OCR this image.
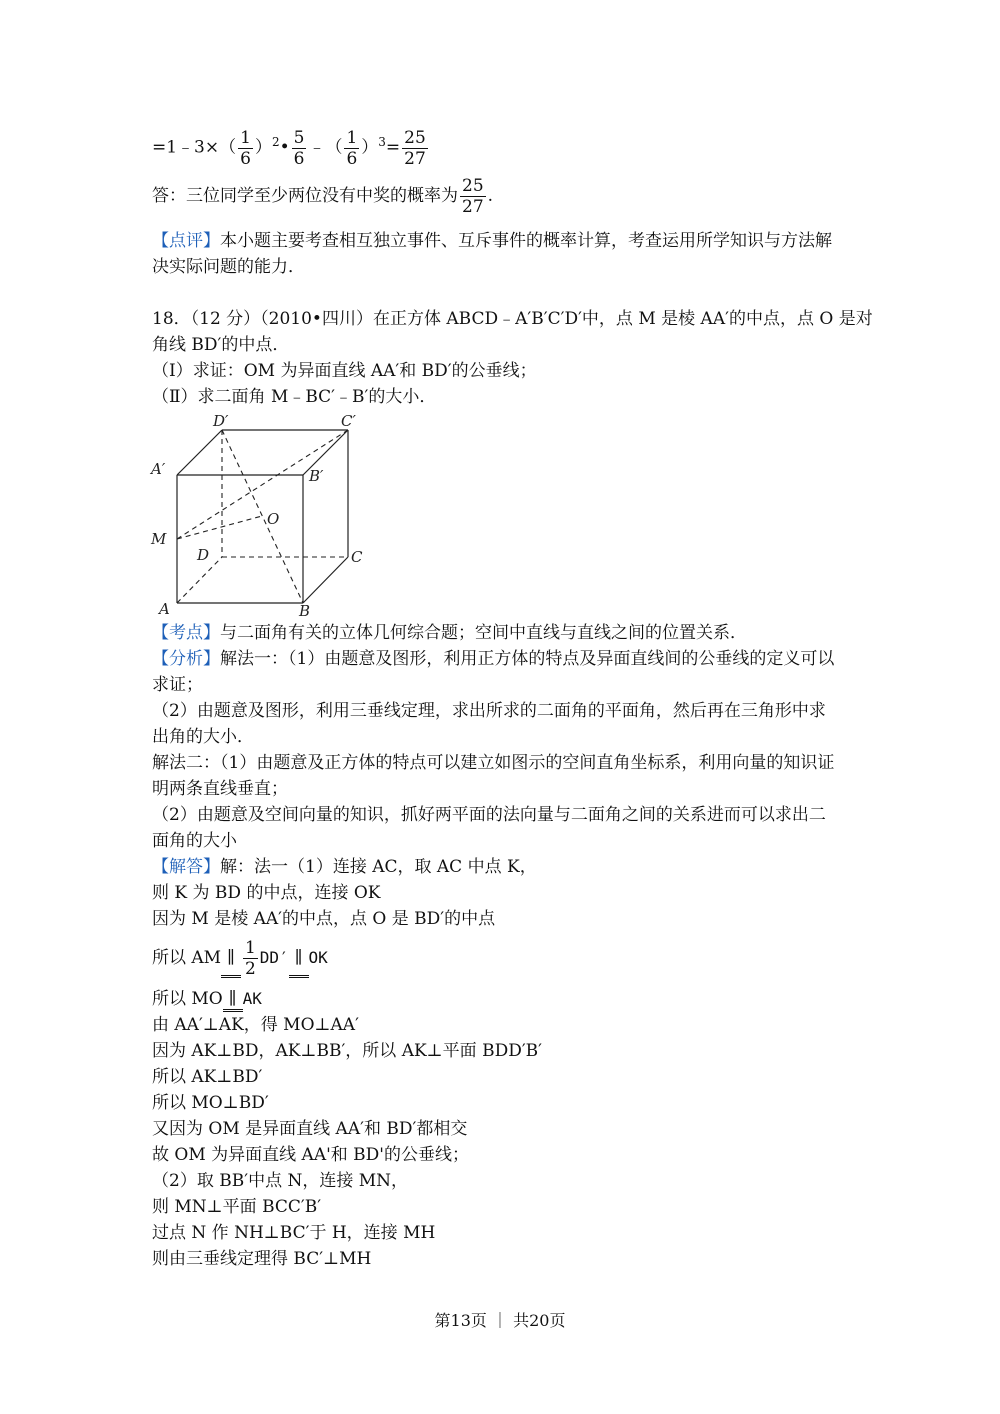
=1﹣3×（ $\frac{1}{6}$ ）$^2$• $\frac{5}{6}$ ﹣（ $\frac{1}{6} )^3= \frac{25}{27}$
答：三位同学至少两位没有中奖的概率为 $\frac{25}{27}$ .
【点评】本小题主要考查相互独立事件、互斥事件的概率计算，考查运用所学知识与方法解
决实际问题的能力．
18．（12 分）（2010•四川）在正方体 ABCD﹣A′B′C′D′中，点 M 是棱 AA′的中点，点 O 是对
角线 BD′的中点．
（Ⅰ）求证：OM 为异面直线 AA′和 BD′的公垂线；
（Ⅱ）求二面角 M﹣BC′﹣B′的大小．
D′	C′
A′	B′
O
M
D	C
A	B
【考点】与二面角有关的立体几何综合题；空间中直线与直线之间的位置关系．
【分析】解法一：（1）由题意及图形，利用正方体的特点及异面直线间的公垂线的定义可以
求证；
（2）由题意及图形，利用三垂线定理，求出所求的二面角的平面角，然后再在三角形中求
出角的大小．
解法二：（1）由题意及正方体的特点可以建立如图示的空间直角坐标系，利用向量的知识证
明两条直线垂直；
（2）由题意及空间向量的知识，抓好两平面的法向量与二面角之间的关系进而可以求出二
面角的大小
【解答】解：法一（1）连接 AC，取 AC 中点 K，
则 K 为 BD 的中点，连接 OK
因为 M 是棱 AA′的中点，点 O 是 BD′的中点
所以 AM ∥ $\frac{1}{2} DD'$ ∥ OK
所以 MO ∥ AK
由 AA′⊥AK，得 MO⊥AA′
因为 AK⊥BD，AK⊥BB′，所以 AK⊥平面 BDD′B′
所以 AK⊥BD′
所以 MO⊥BD′
又因为 OM 是异面直线 AA′和 BD′都相交
故 OM 为异面直线 AA'和 BD'的公垂线；
（2）取 BB′中点 N，连接 MN，
则 MN⊥平面 BCC′B′
过点 N 作 NH⊥BC′于 H，连接 MH
则由三垂线定理得 BC′⊥MH
第13页 ｜ 共20页
